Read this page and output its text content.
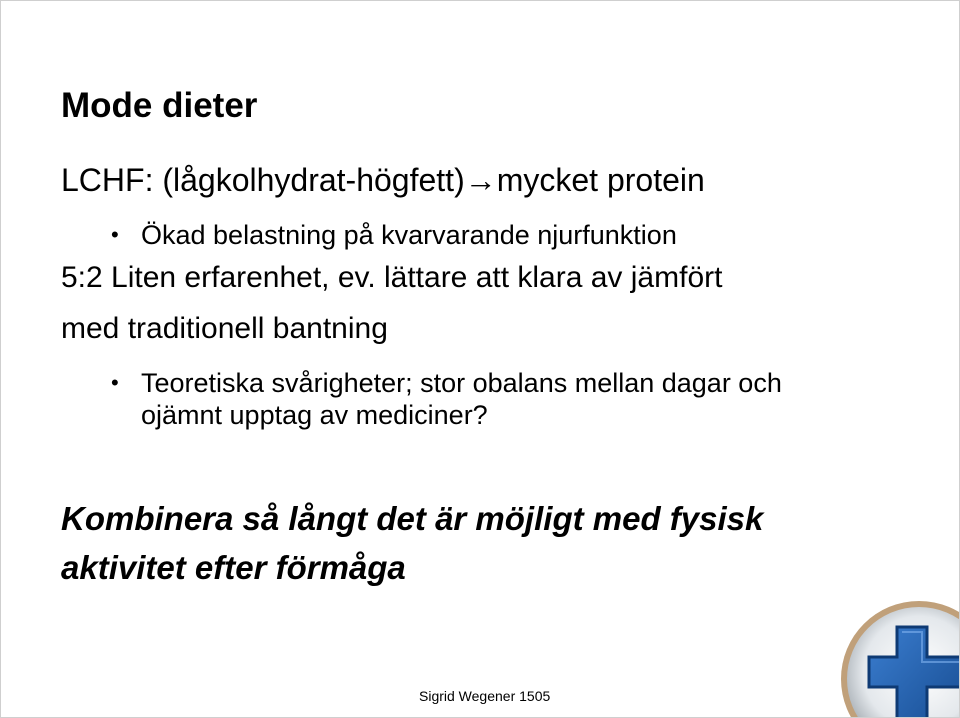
Mode dieter

LCHF: (lågkolhydrat-högfett)→mycket protein

• Ökad belastning på kvarvarande njurfunktion

5:2 Liten erfarenhet, ev. lättare att klara av jämfört

med traditionell bantning

• Teoretiska svårigheter; stor obalans mellan dagar och
ojämnt upptag av mediciner?

Kombinera så långt det är möjligt med fysisk

aktivitet efter förmåga

Sigrid Wegener 1505
